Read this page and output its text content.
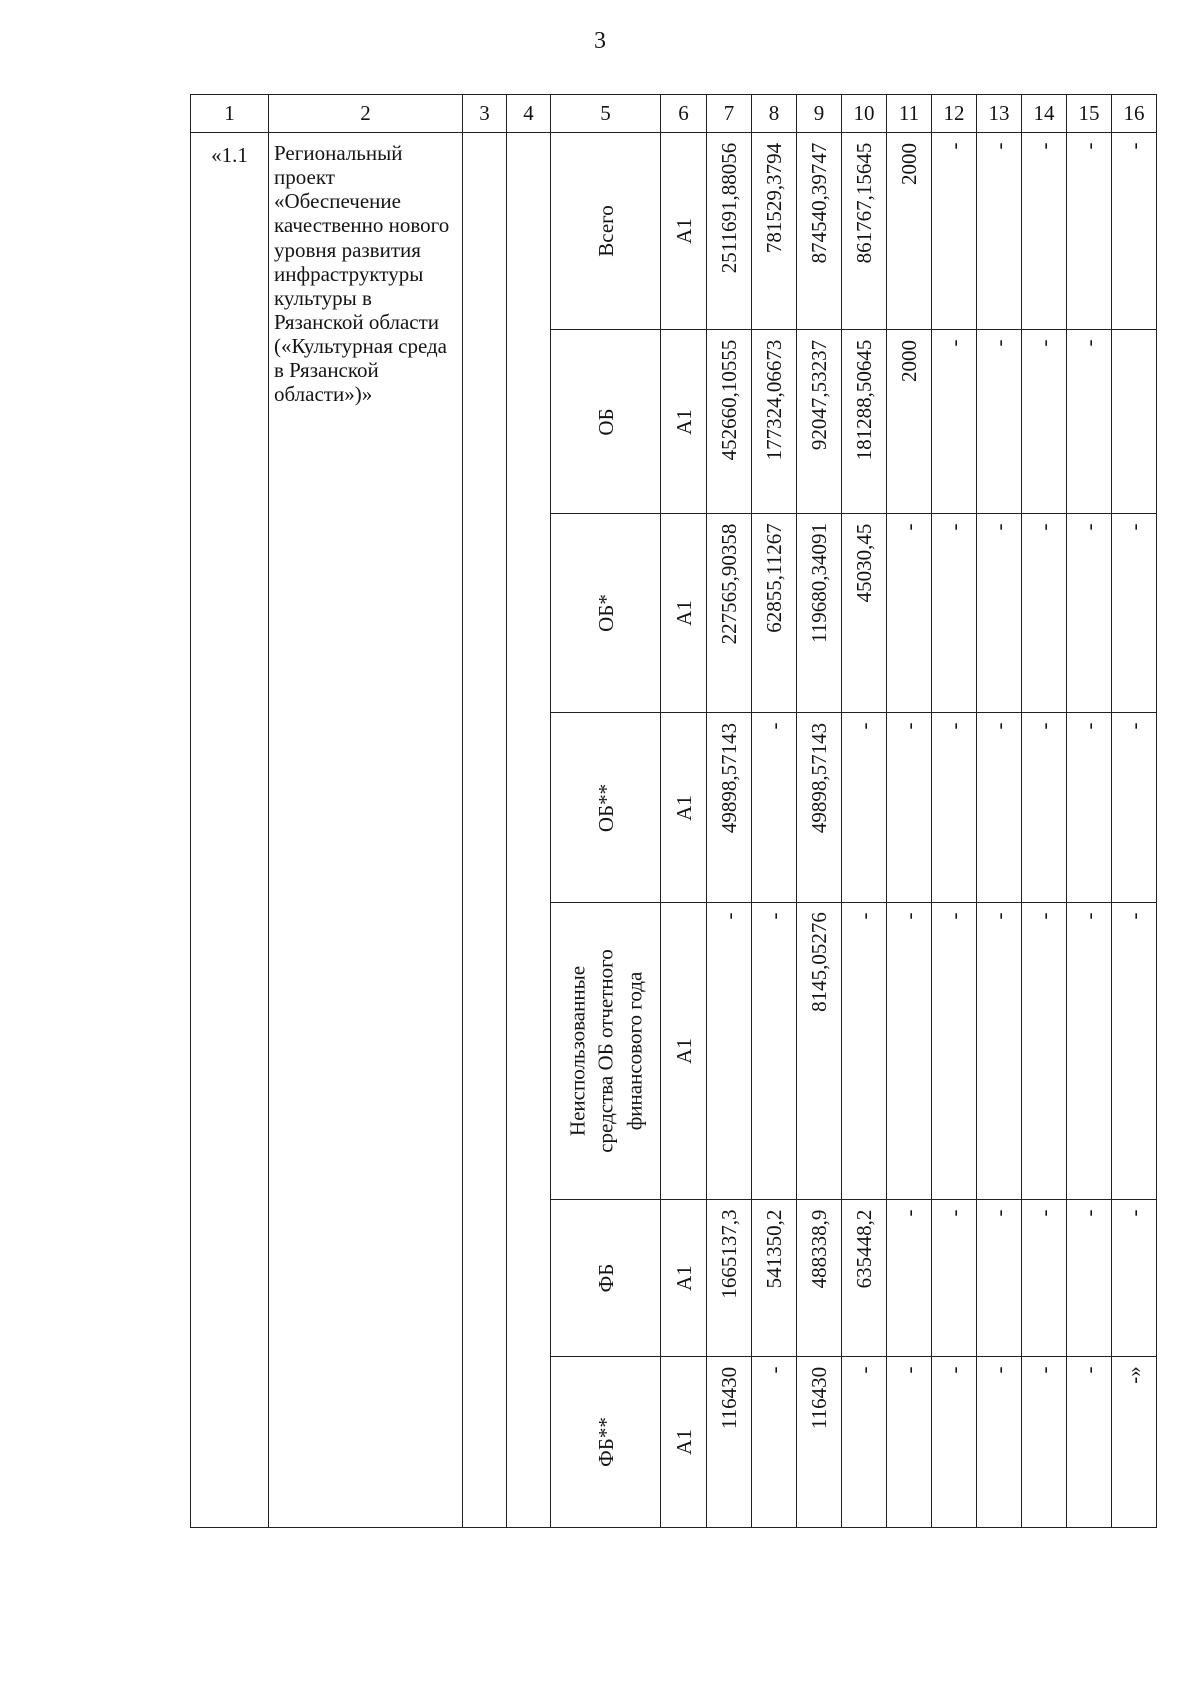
3
1	2	3	4	5	6	7	8	9	10	11	12	13	14	15	16
«1.1	Региональный проект «Обеспечение качественно нового уровня развития инфраструктуры культуры в Рязанской области («Культурная среда в Рязанской области»)»			Всего	А1	2511691,88056	781529,3794	874540,39747	861767,15645	2000	-	-	-	-	-

				ОБ	А1	452660,10555	177324,06673	92047,53237	181288,50645	2000	-	-	-	-	

				ОБ*	А1	227565,90358	62855,11267	119680,34091	45030,45	-	-	-	-	-	-

				ОБ**	А1	49898,57143	-	49898,57143	-	-	-	-	-	-	-

				Неиспользованные
средства ОБ отчетного
финансового года	А1	-	-	8145,05276	-	-	-	-	-	-	-

				ФБ	А1	1665137,3	541350,2	488338,9	635448,2	-	-	-	-	-	-

				ФБ**	А1	116430	-	116430	-	-	-	-	-	-	-»
